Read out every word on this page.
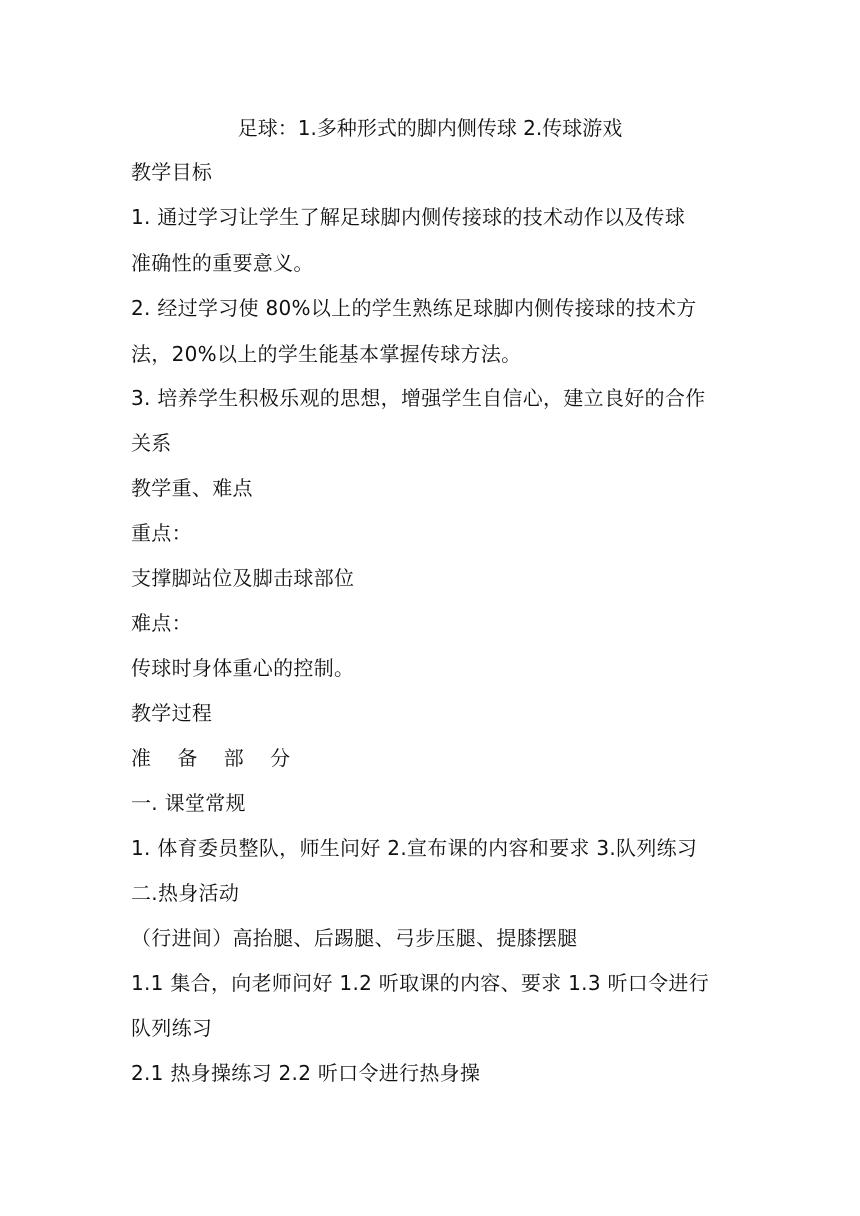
足球：1.多种形式的脚内侧传球 2.传球游戏
教学目标
1. 通过学习让学生了解足球脚内侧传接球的技术动作以及传球
准确性的重要意义。
2. 经过学习使 80%以上的学生熟练足球脚内侧传接球的技术方
法，20%以上的学生能基本掌握传球方法。
3. 培养学生积极乐观的思想，增强学生自信心，建立良好的合作
关系
教学重、难点
重点：
支撑脚站位及脚击球部位
难点：
传球时身体重心的控制。
教学过程
准 备 部 分
一. 课堂常规
1. 体育委员整队，师生问好 2.宣布课的内容和要求 3.队列练习
二.热身活动
（行进间）高抬腿、后踢腿、弓步压腿、提膝摆腿
1.1 集合，向老师问好 1.2 听取课的内容、要求 1.3 听口令进行
队列练习
2.1 热身操练习 2.2 听口令进行热身操
